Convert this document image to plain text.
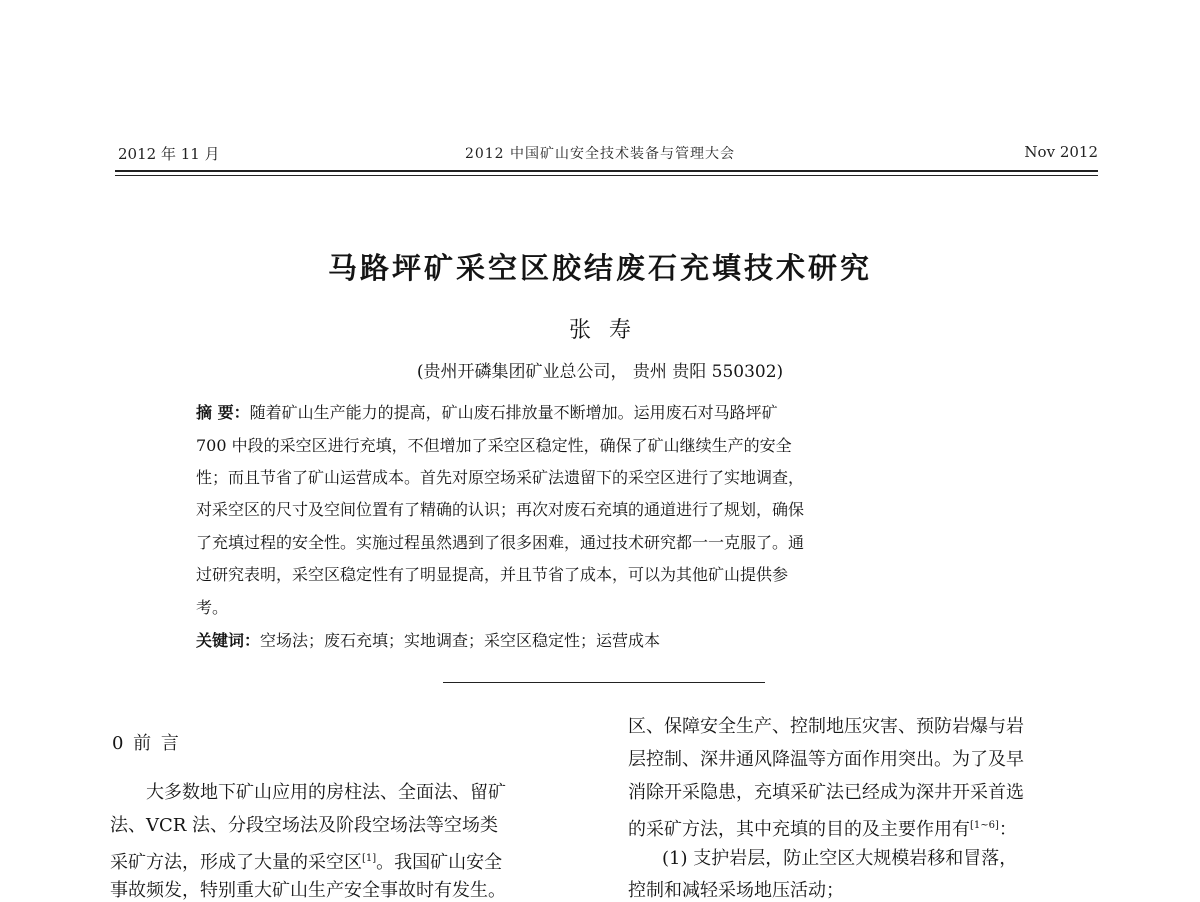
2012 年 11 月	2012 中国矿山安全技术装备与管理大会	Nov 2012
马路坪矿采空区胶结废石充填技术研究
张寿
(贵州开磷集团矿业总公司， 贵州 贵阳 550302)
摘 要：随着矿山生产能力的提高，矿山废石排放量不断增加。运用废石对马路坪矿
700 中段的采空区进行充填，不但增加了采空区稳定性，确保了矿山继续生产的安全
性；而且节省了矿山运营成本。首先对原空场采矿法遗留下的采空区进行了实地调查，
对采空区的尺寸及空间位置有了精确的认识；再次对废石充填的通道进行了规划，确保
了充填过程的安全性。实施过程虽然遇到了很多困难，通过技术研究都一一克服了。通
过研究表明，采空区稳定性有了明显提高，并且节省了成本，可以为其他矿山提供参
考。
关键词：空场法；废石充填；实地调查；采空区稳定性；运营成本
0 前 言
大多数地下矿山应用的房柱法、全面法、留矿
法、VCR 法、分段空场法及阶段空场法等空场类
采矿方法，形成了大量的采空区[1]。我国矿山安全
事故频发，特别重大矿山生产安全事故时有发生。
区、保障安全生产、控制地压灾害、预防岩爆与岩
层控制、深井通风降温等方面作用突出。为了及早
消除开采隐患，充填采矿法已经成为深井开采首选
的采矿方法，其中充填的目的及主要作用有[1~6]：
(1) 支护岩层，防止空区大规模岩移和冒落，
控制和减轻采场地压活动；
